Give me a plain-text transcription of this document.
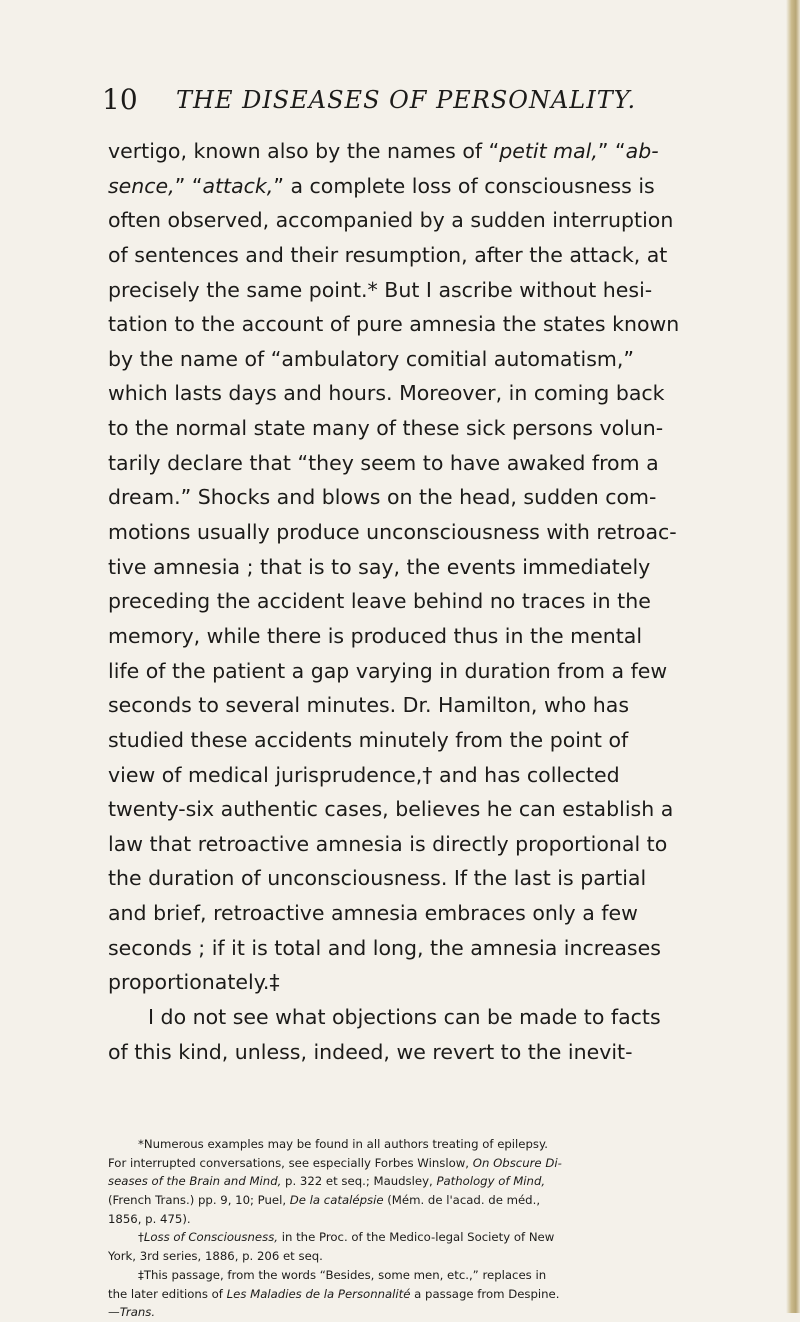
10 THE DISEASES OF PERSONALITY.
vertigo, known also by the names of “petit mal,” “ab-
sence,” “attack,” a complete loss of consciousness is
often observed, accompanied by a sudden interruption
of sentences and their resumption, after the attack, at
precisely the same point.* But I ascribe without hesi-
tation to the account of pure amnesia the states known
by the name of “ambulatory comitial automatism,”
which lasts days and hours. Moreover, in coming back
to the normal state many of these sick persons volun-
tarily declare that “they seem to have awaked from a
dream.” Shocks and blows on the head, sudden com-
motions usually produce unconsciousness with retroac-
tive amnesia ; that is to say, the events immediately
preceding the accident leave behind no traces in the
memory, while there is produced thus in the mental
life of the patient a gap varying in duration from a few
seconds to several minutes. Dr. Hamilton, who has
studied these accidents minutely from the point of
view of medical jurisprudence,† and has collected
twenty-six authentic cases, believes he can establish a
law that retroactive amnesia is directly proportional to
the duration of unconsciousness. If the last is partial
and brief, retroactive amnesia embraces only a few
seconds ; if it is total and long, the amnesia increases
proportionately.‡
I do not see what objections can be made to facts
of this kind, unless, indeed, we revert to the inevit-
*Numerous examples may be found in all authors treating of epilepsy.
For interrupted conversations, see especially Forbes Winslow, On Obscure Di-
seases of the Brain and Mind, p. 322 et seq.; Maudsley, Pathology of Mind,
(French Trans.) pp. 9, 10; Puel, De la catalépsie (Mém. de l'acad. de méd.,
1856, p. 475).
†Loss of Consciousness, in the Proc. of the Medico-legal Society of New
York, 3rd series, 1886, p. 206 et seq.
‡This passage, from the words “Besides, some men, etc.,” replaces in
the later editions of Les Maladies de la Personnalité a passage from Despine.
—Trans.
